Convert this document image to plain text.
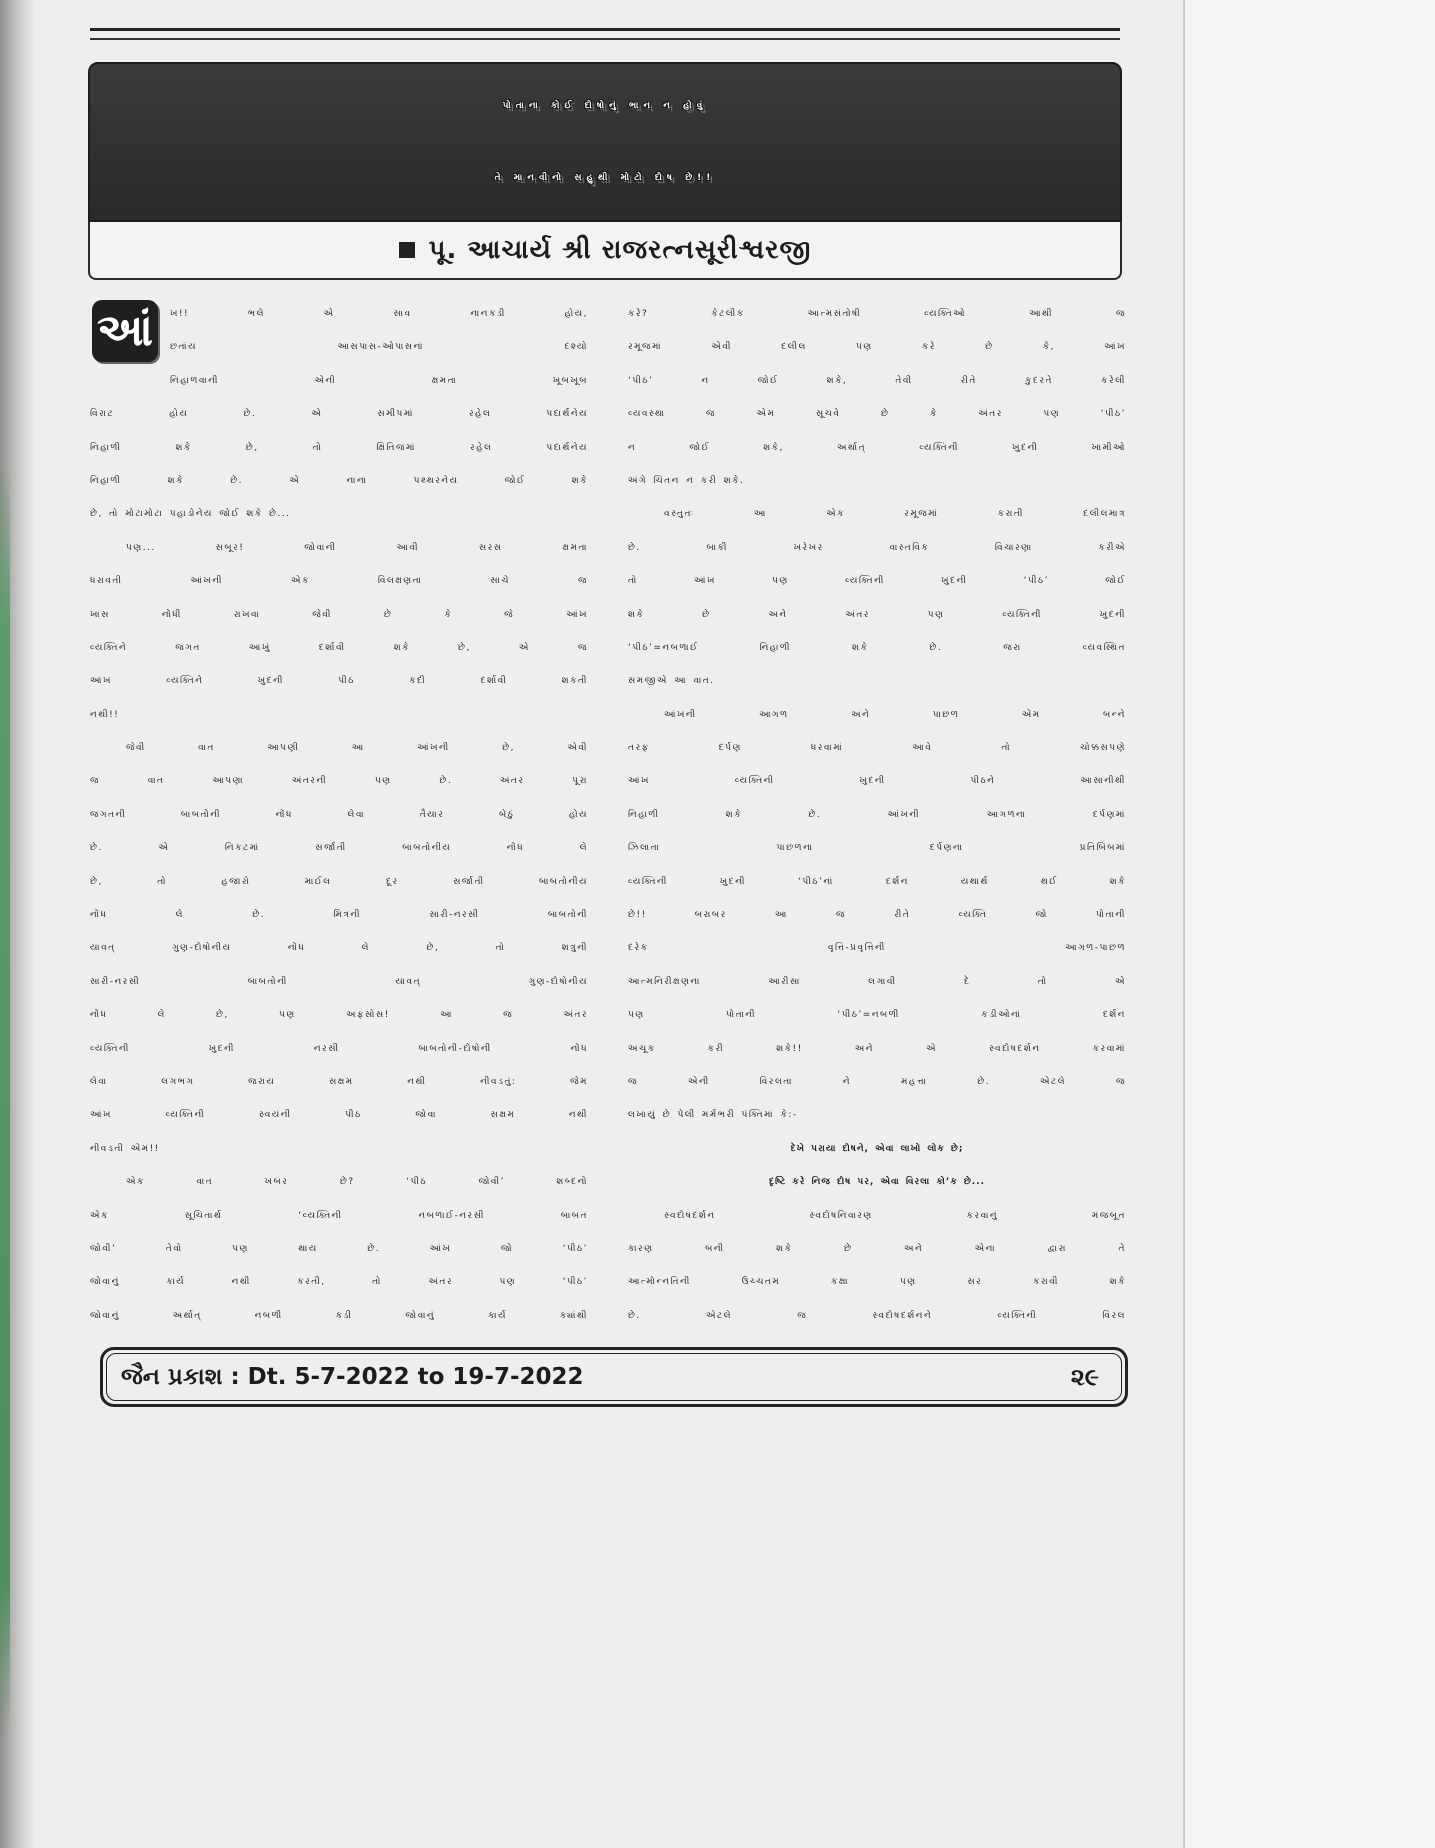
પોતાના કોઈ દોષોનું ભાન ન હોવું
તે માનવીનો સહુથી મોટો દોષ છે!!
પૂ. આચાર્ય શ્રી રાજરત્નસૂરીશ્વરજી
આં	ખ!! ભલે એ સાવ નાનકડી હોય,
છતાંય આસપાસ-ઓપાસનાં દશ્યો
નિહાળવાની એની ક્ષમતા ખૂબખૂબ
વિરાટ હોય છે. એ સમીપમાં રહેલ પદાર્થનેય
નિહાળી શકે છે, તો ક્ષિતિજમાં રહેલ પદાર્થનેય
નિહાળી શકે છે. એ નાના પથ્થરનેય જોઈ શકે
છે, તો મોટામોટા પહાડોનેય જોઈ શકે છે...
પણ... સબૂર! જોવાની આવી સરસ ક્ષમતા
ધરાવતી આંખની એક વિલક્ષણતા સાચે જ
ખાસ નોંધી રાખવા જેવી છે કે જે આંખ
વ્યક્તિને જગત આખું દર્શાવી શકે છે, એ જ
આંખ વ્યક્તિને ખુદની પીઠ કદી દર્શાવી શકતી
નથી!!
જેવી વાત આપણી આ આંખની છે, એવી
જ વાત આપણા અંતરની પણ છે. અંતર પૂરા
જગતની બાબતોની નોંધ લેવા તૈયાર બેઠું હોય
છે. એ નિકટમાં સર્જાતી બાબતોનીય નોંધ લે
છે, તો હજારો માઈલ દૂર સર્જાતી બાબતોનીય
નોંધ લે છે. મિત્રની સારી-નરસી બાબતોની
યાવત્ ગુણ-દોષોનીય નોંધ લે છે, તો શત્રુની
સારી-નરસી બાબતોની યાવત્ ગુણ-દોષોનીય
નોંધ લે છે, પણ અફસોસ! આ જ અંતર
વ્યક્તિની ખુદની નરસી બાબતોની-દોષોની નોંધ
લેવા લગભગ જરાય સક્ષમ નથી નીવડતું: જેમ
આંખ વ્યક્તિની સ્વયંની પીઠ જોવા સક્ષમ નથી
નીવડતી એમ!!
એક વાત ખબર છે? ‘પીઠ જોવી’ શબ્દનો
એક સૂચિતાર્થ ‘વ્યક્તિની નબળાઈ-નરસી બાબત
જોવી’ તેવો પણ થાય છે. આંખ જો ‘પીઠ’
જોવાનું કાર્ય નથી કરતી, તો અંતર પણ ‘પીઠ’
જોવાનું અર્થાત્ નબળી કડી જોવાનું કાર્ય ક્યાંથી
કરે? કેટલીક આત્મસંતોષી વ્યક્તિઓ આથી જ
રમૂજમાં એવી દલીલ પણ કરે છે કે, આંખ
‘પીઠ’ ન જોઈ શકે, તેવી રીતે કુદરતે કરેલી
વ્યવસ્થા જ એમ સૂચવે છે કે અંતર પણ ‘પીઠ’
ન જોઈ શકે, અર્થાત્ વ્યક્તિની ખુદની ખામીઓ
અંગે ચિંતન ન કરી શકે.
વસ્તુતઃ આ એક રમૂજમાં કરાતી દલીલમાત્ર
છે. બાકી ખરેખર વાસ્તવિક વિચારણા કરીએ
તો આંખ પણ વ્યક્તિની ખુદની ‘પીઠ’ જોઈ
શકે છે અને અંતર પણ વ્યક્તિની ખુદની
‘પીઠ’=નબળાઈ નિહાળી શકે છે. જરા વ્યવસ્થિત
સમજીએ આ વાત.
આંખની આગળ અને પાછળ એમ બન્ને
તરફ દર્પણ ધરવામાં આવે તો ચોક્કસપણે
આંખ વ્યક્તિની ખુદની પીઠને આસાનીથી
નિહાળી શકે છે. આંખની આગળના દર્પણમાં
ઝિલાતા પાછળના દર્પણના પ્રતિબિંબમાં
વ્યક્તિની ખુદની ‘પીઠ’નાં દર્શન યથાર્થ થઈ શકે
છે!! બરાબર આ જ રીતે વ્યક્તિ જો પોતાની
દરેક વૃત્તિ-પ્રવૃત્તિની આગળ-પાછળ
આત્મનિરીક્ષણના આરીસા લગાવી દે તો એ
પણ પોતાની ‘પીઠ’=નબળી કડીઓનાં દર્શન
અચૂક કરી શકે!! અને એ સ્વદોષદર્શન કરવામાં
જ એની વિરલતા ને મહત્તા છે. એટલે જ
લખાયું છે પેલી મર્મભરી પંક્તિમાં કે:-
દેખે પરાયા દોષને, એવા લાખો લોક છે;
દૃષ્ટિ કરે નિજ દોષ પર, એવા વિરલા કો’ક છે...
સ્વદોષદર્શન સ્વદોષનિવારણ કરવાનું મજબૂત
કારણ બની શકે છે અને એના દ્વારા તે
આત્મોન્નતિની ઉચ્ચતમ કક્ષા પણ સર કરાવી શકે
છે. એટલે જ સ્વદોષદર્શનને વ્યક્તિની વિરલ
જૈન પ્રકાશ : Dt. 5-7-2022 to 19-7-2022	૨૯
